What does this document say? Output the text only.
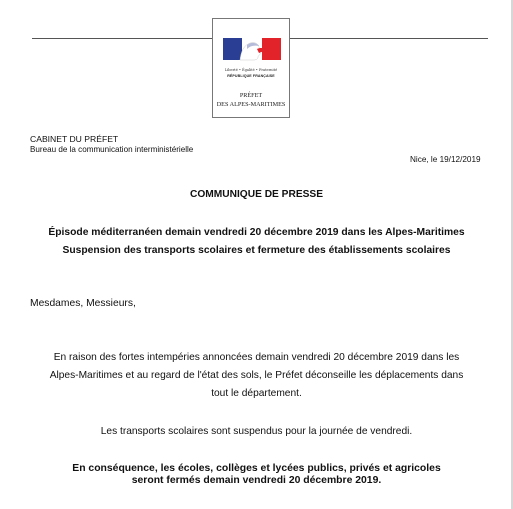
Liberté • Égalité • Fraternité
RÉPUBLIQUE FRANÇAISE
PRÉFET
DES ALPES-MARITIMES
CABINET DU PRÉFET
Bureau de la communication interministérielle
Nice, le 19/12/2019
COMMUNIQUE DE PRESSE
Épisode méditerranéen demain vendredi 20 décembre 2019 dans les Alpes-Maritimes
Suspension des transports scolaires et fermeture des établissements scolaires
Mesdames, Messieurs,
En raison des fortes intempéries annoncées demain vendredi 20 décembre 2019 dans les
Alpes-Maritimes et au regard de l'état des sols, le Préfet déconseille les déplacements dans
tout le département.
Les transports scolaires sont suspendus pour la journée de vendredi.
En conséquence, les écoles, collèges et lycées publics, privés et agricoles
seront fermés demain vendredi 20 décembre 2019.
